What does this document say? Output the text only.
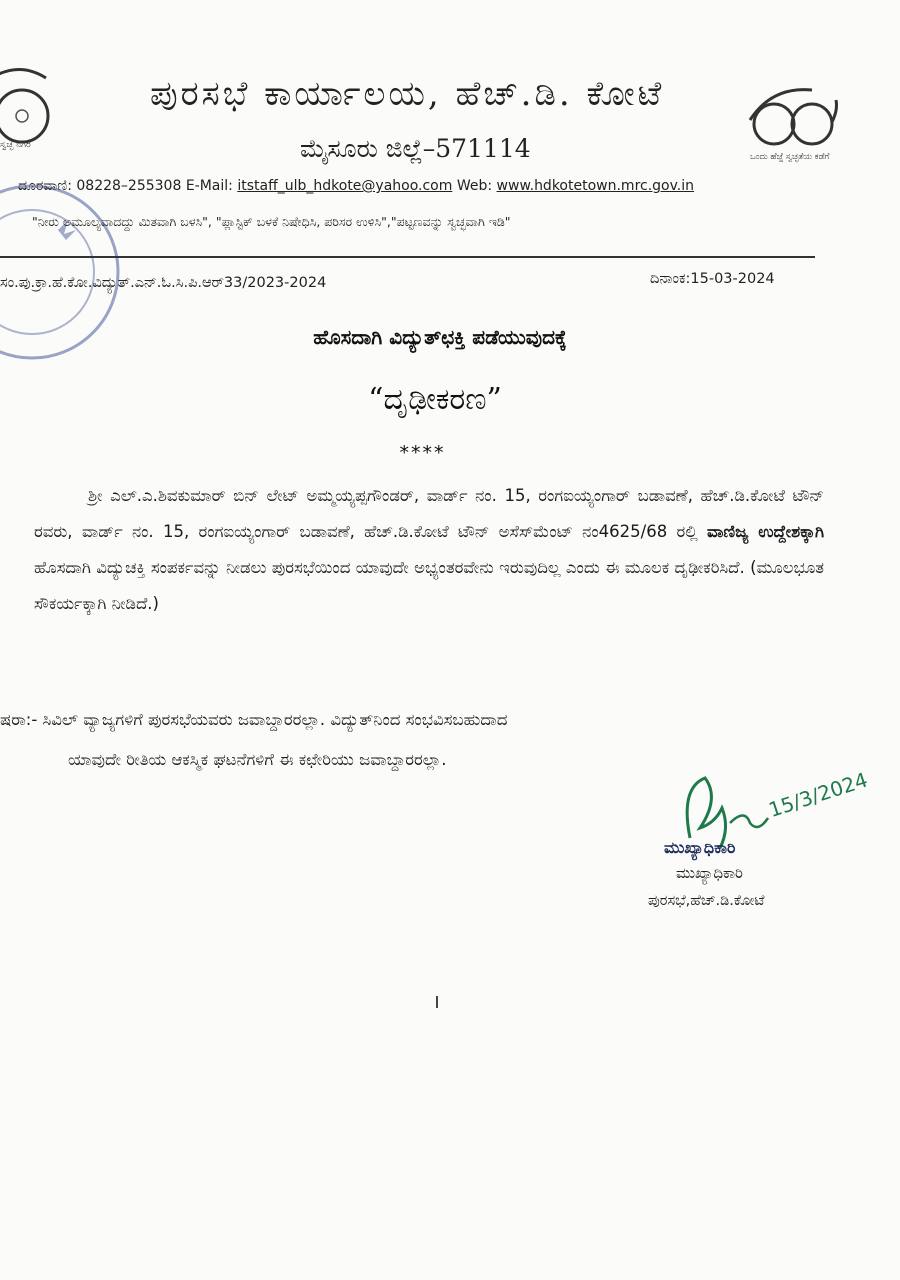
ಸ್ವಚ್ಛ ನಗರ
ಒಂದು ಹೆಜ್ಜೆ ಸ್ವಚ್ಛತೆಯ ಕಡೆಗೆ
ಪುರಸಭೆ ಕಾರ್ಯಾಲಯ, ಹೆಚ್.ಡಿ. ಕೋಟೆ
ಮೈಸೂರು ಜಿಲ್ಲೆ–571114
ದೂರವಾಣಿ: 08228–255308 E-Mail: itstaff_ulb_hdkote@yahoo.com Web: www.hdkotetown.mrc.gov.in
"ನೀರು ಅಮೂಲ್ಯವಾದದ್ದು ಮಿತವಾಗಿ ಬಳಸಿ", "ಪ್ಲಾಸ್ಟಿಕ್ ಬಳಕೆ ನಿಷೇಧಿಸಿ, ಪರಿಸರ ಉಳಿಸಿ","ಪಟ್ಟಣವನ್ನು ಸ್ವಚ್ಛವಾಗಿ ಇಡಿ"
ಸಂ.ಪು.ಕ್ರಾ.ಹೆ.ಕೋ.ವಿದ್ಯುತ್.ಎನ್.ಓ.ಸಿ.ಪಿ.ಆರ್33/2023-2024	ದಿನಾಂಕ:15-03-2024
ಹೊಸದಾಗಿ ವಿದ್ಯುತ್‌ಛಕ್ತಿ ಪಡೆಯುವುದಕ್ಕೆ
“ದೃಢೀಕರಣ”
****
ಶ್ರೀ ಎಲ್.ಎ.ಶಿವಕುಮಾರ್ ಬಿನ್ ಲೇಟ್ ಅಮ್ಮಯ್ಯಪ್ಪಗೌಂಡರ್, ವಾರ್ಡ್ ನಂ. 15, ರಂಗಐಯ್ಯಂಗಾರ್ ಬಡಾವಣೆ, ಹೆಚ್.ಡಿ.ಕೋಟೆ ಟೌನ್ ರವರು, ವಾರ್ಡ್ ನಂ. 15, ರಂಗಐಯ್ಯಂಗಾರ್ ಬಡಾವಣೆ, ಹೆಚ್.ಡಿ.ಕೋಟೆ ಟೌನ್ ಅಸೆಸ್‌ಮೆಂಟ್ ನಂ4625/68 ರಲ್ಲಿ ವಾಣಿಜ್ಯ ಉದ್ದೇಶಕ್ಕಾಗಿ ಹೊಸದಾಗಿ ವಿದ್ಯುಚಕ್ತಿ ಸಂಪರ್ಕವನ್ನು ನೀಡಲು ಪುರಸಭೆಯಿಂದ ಯಾವುದೇ ಅಭ್ಯಂತರವೇನು ಇರುವುದಿಲ್ಲ ಎಂದು ಈ ಮೂಲಕ ದೃಢೀಕರಿಸಿದೆ. (ಮೂಲಭೂತ ಸೌಕರ್ಯಕ್ಕಾಗಿ ನೀಡಿದೆ.)
ಷರಾ:- ಸಿವಿಲ್ ವ್ಯಾಜ್ಯಗಳಿಗೆ ಪುರಸಭೆಯವರು ಜವಾಬ್ದಾರರಲ್ಲಾ. ವಿದ್ಯುತ್‌ನಿಂದ ಸಂಭವಿಸಬಹುದಾದ
ಯಾವುದೇ ರೀತಿಯ ಆಕಸ್ಮಿಕ ಘಟನೆಗಳಿಗೆ ಈ ಕಛೇರಿಯು ಜವಾಬ್ದಾರರಲ್ಲಾ.
15/3/2024
ಮುಖ್ಯಾಧಿಕಾರಿ
ಮುಖ್ಯಾಧಿಕಾರಿ
ಪುರಸಭೆ,ಹೆಚ್.ಡಿ.ಕೋಟೆ
